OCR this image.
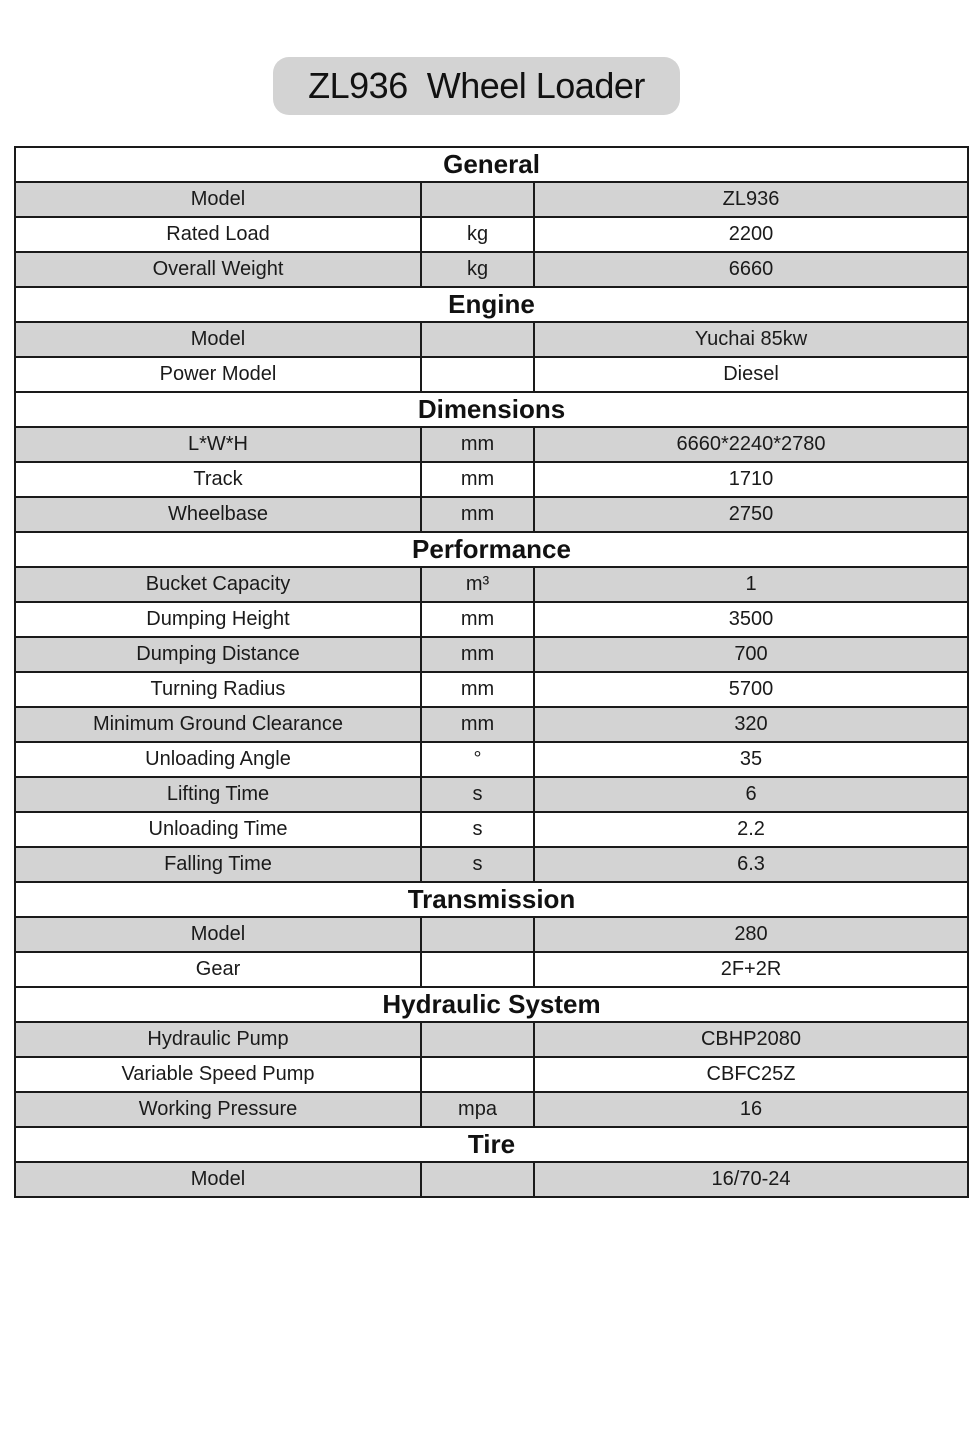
ZL936  Wheel Loader
General		
Model		ZL936
Rated Load	kg	2200
Overall Weight	kg	6660
Engine		
Model		Yuchai 85kw
Power Model		Diesel
Dimensions		
L*W*H	mm	6660*2240*2780
Track	mm	1710
Wheelbase	mm	2750
Performance		
Bucket Capacity	m³	1
Dumping Height	mm	3500
Dumping Distance	mm	700
Turning Radius	mm	5700
Minimum Ground Clearance	mm	320
Unloading Angle	°	35
Lifting Time	s	6
Unloading Time	s	2.2
Falling Time	s	6.3
Transmission		
Model		280
Gear		2F+2R
Hydraulic System		
Hydraulic Pump		CBHP2080
Variable Speed Pump		CBFC25Z
Working Pressure	mpa	16
Tire		
Model		16/70-24
